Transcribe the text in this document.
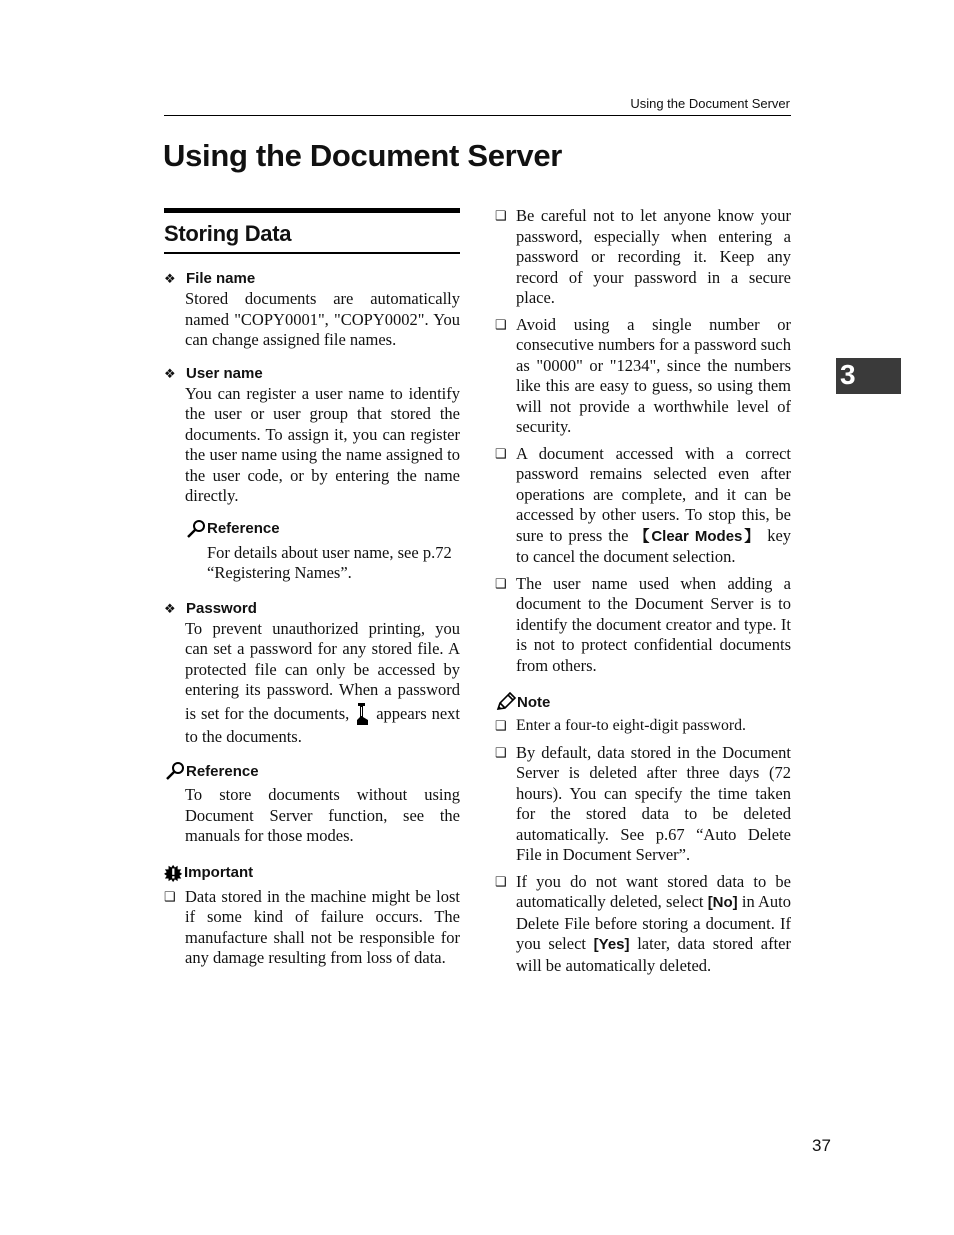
Using the Document Server
Using the Document Server
Storing Data
❖ File name
Stored documents are automatically named "COPY0001", "COPY0002". You can change assigned file names.
❖ User name
You can register a user name to identify the user or user group that stored the documents. To assign it, you can register the user name using the name assigned to the user code, or by entering the name directly.
Reference
For details about user name, see p.72 “Registering Names”.
❖ Password
To prevent unauthorized printing, you can set a password for any stored file. A protected file can only be accessed by entering its password. When a password is set for the documents, appears next to the documents.
Reference
To store documents without using Document Server function, see the manuals for those modes.
Important
❑ Data stored in the machine might be lost if some kind of failure occurs. The manufacture shall not be responsible for any damage resulting from loss of data.
❑ Be careful not to let anyone know your password, especially when entering a password or recording it. Keep any record of your password in a secure place.
❑ Avoid using a single number or consecutive numbers for a password such as "0000" or "1234", since the numbers like this are easy to guess, so using them will not provide a worthwhile level of security.
❑ A document accessed with a correct password remains selected even after operations are complete, and it can be accessed by other users. To stop this, be sure to press the 【Clear Modes】 key to cancel the document selection.
❑ The user name used when adding a document to the Document Server is to identify the document creator and type. It is not to protect confidential documents from others.
Note
❑ Enter a four-to eight-digit password.
❑ By default, data stored in the Document Server is deleted after three days (72 hours). You can specify the time taken for the stored data to be deleted automatically. See p.67 “Auto Delete File in Document Server”.
❑ If you do not want stored data to be automatically deleted, select [No] in Auto Delete File before storing a document. If you select [Yes] later, data stored after will be automatically deleted.
3
37
